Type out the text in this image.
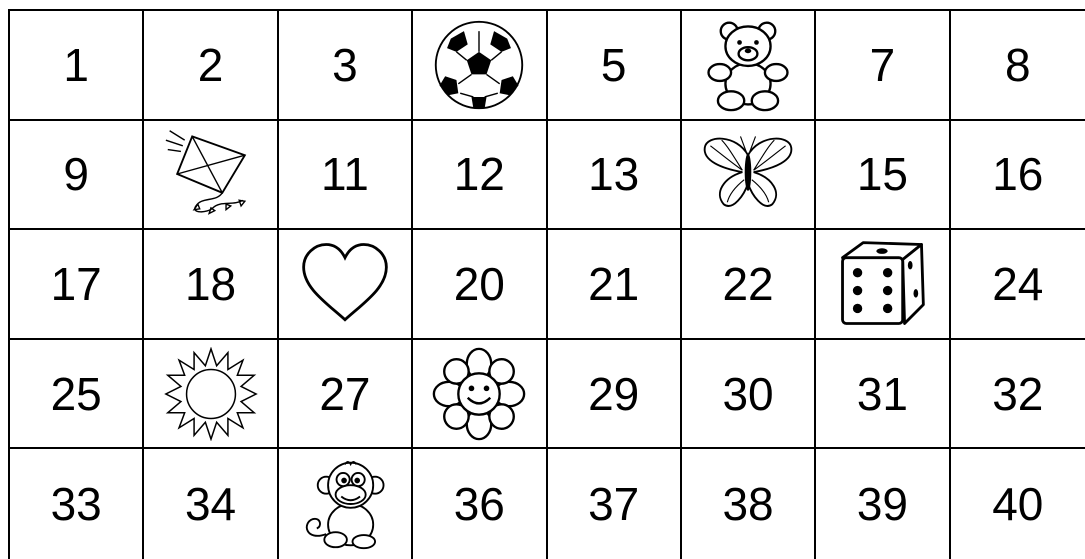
1 2 3	5	7 8
9	11 12 13	15 16
17 18	20 21 22	24
25	27	29 30 31 32
33 34	36 37 38 39 40
